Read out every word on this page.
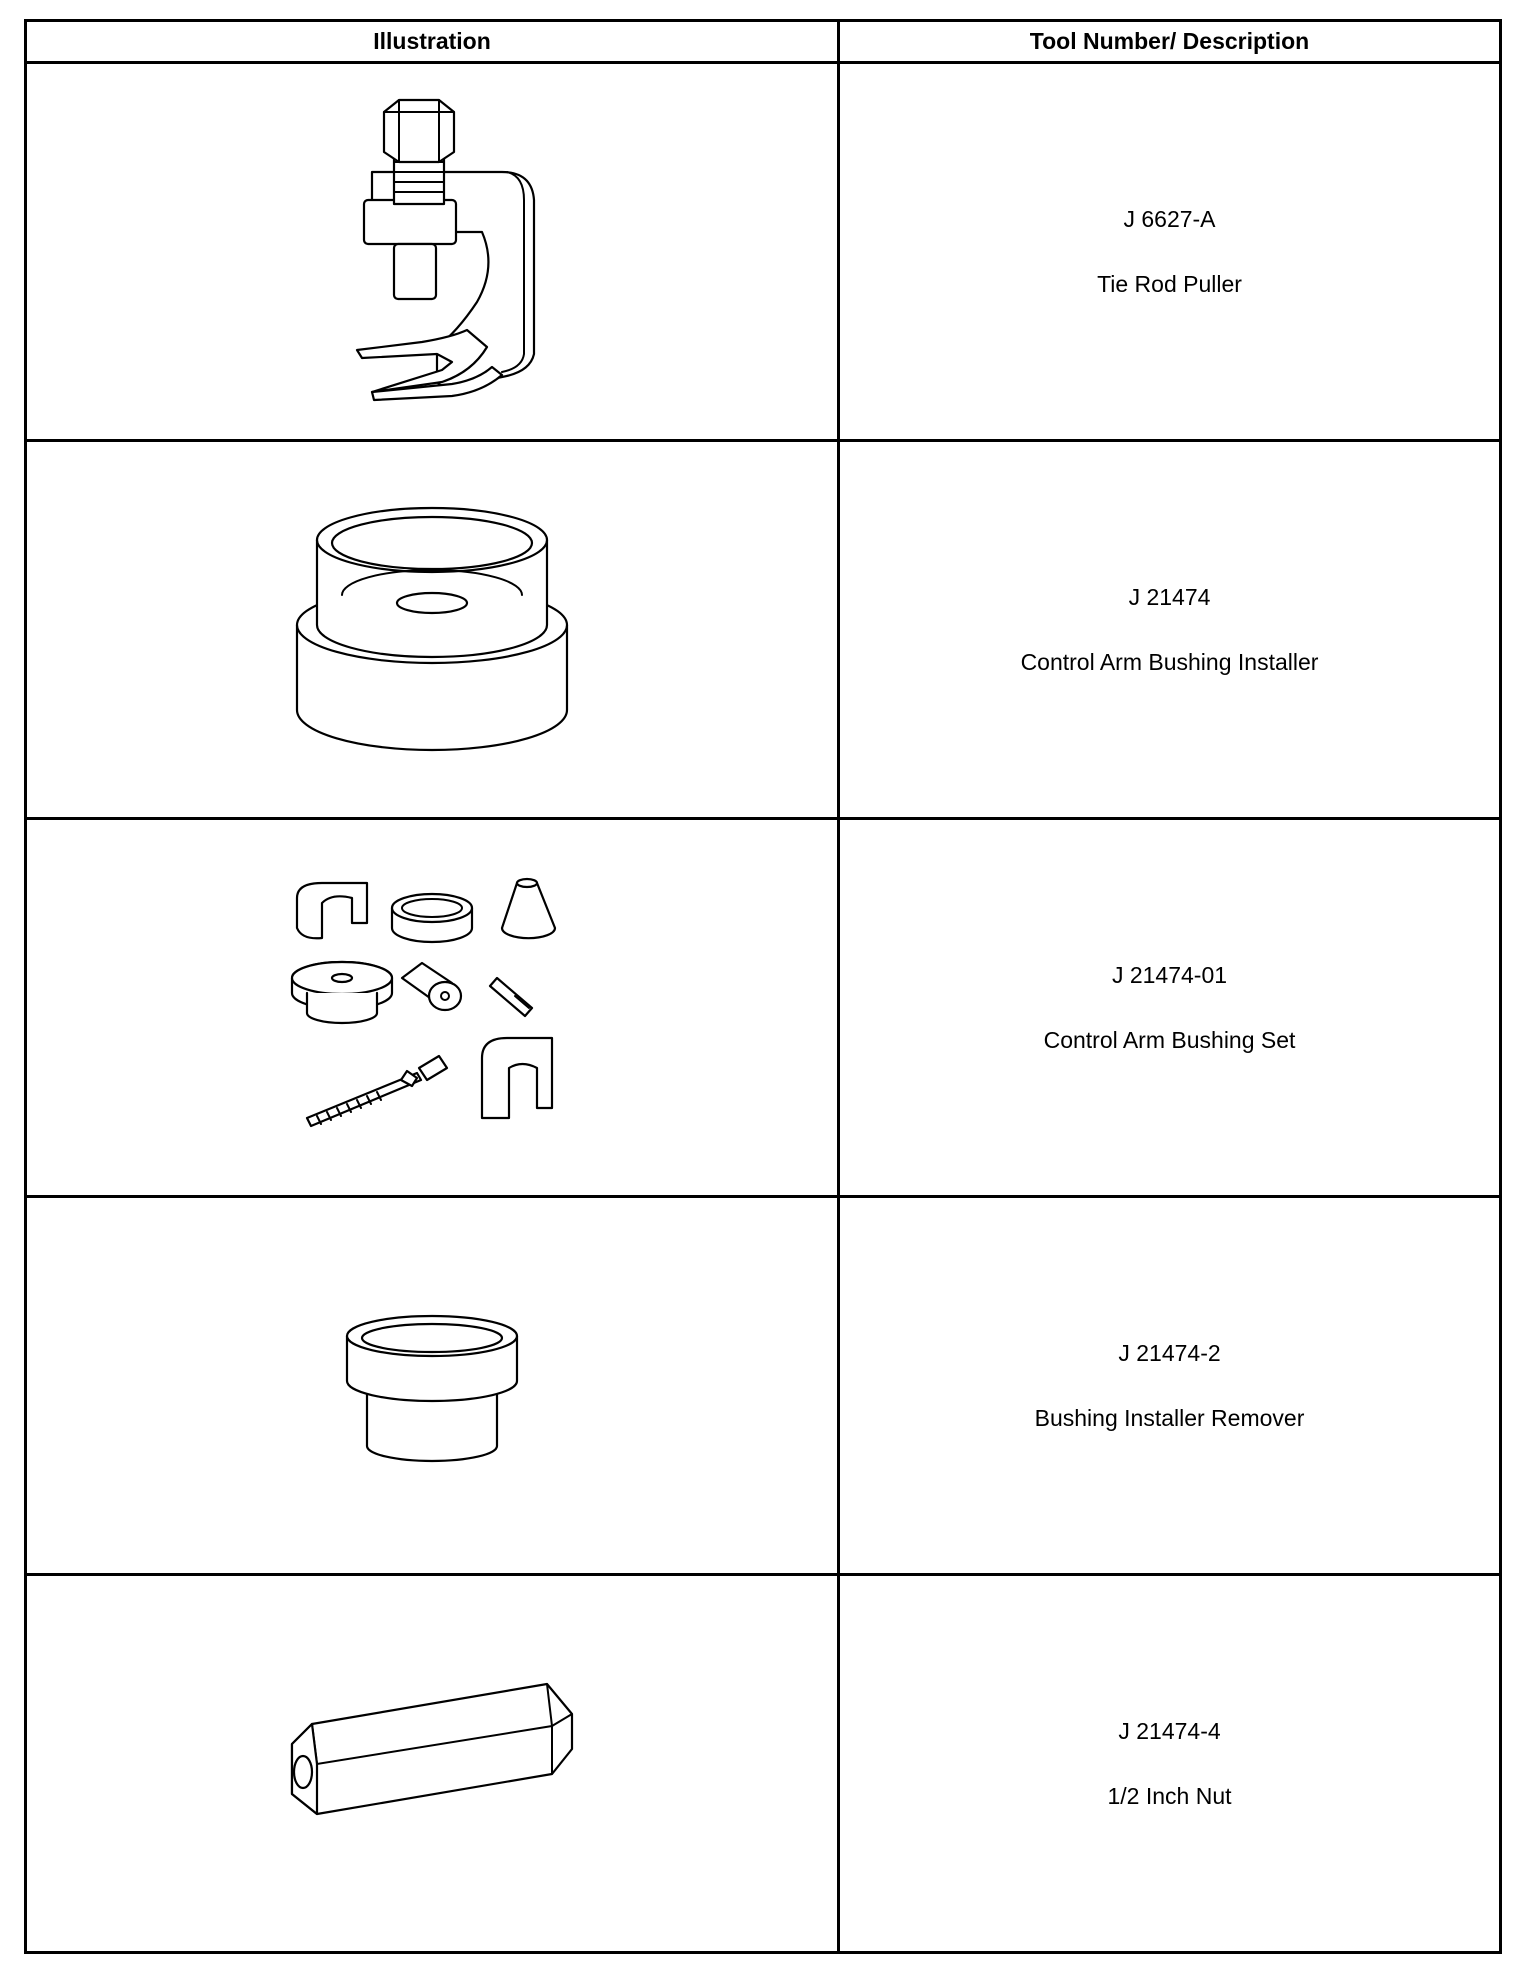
Illustration	Tool Number/ Description

J 6627-A
Tie Rod Puller

J 21474
Control Arm Bushing Installer

J 21474-01
Control Arm Bushing Set

J 21474-2
Bushing Installer Remover

J 21474-4
1/2 Inch Nut
